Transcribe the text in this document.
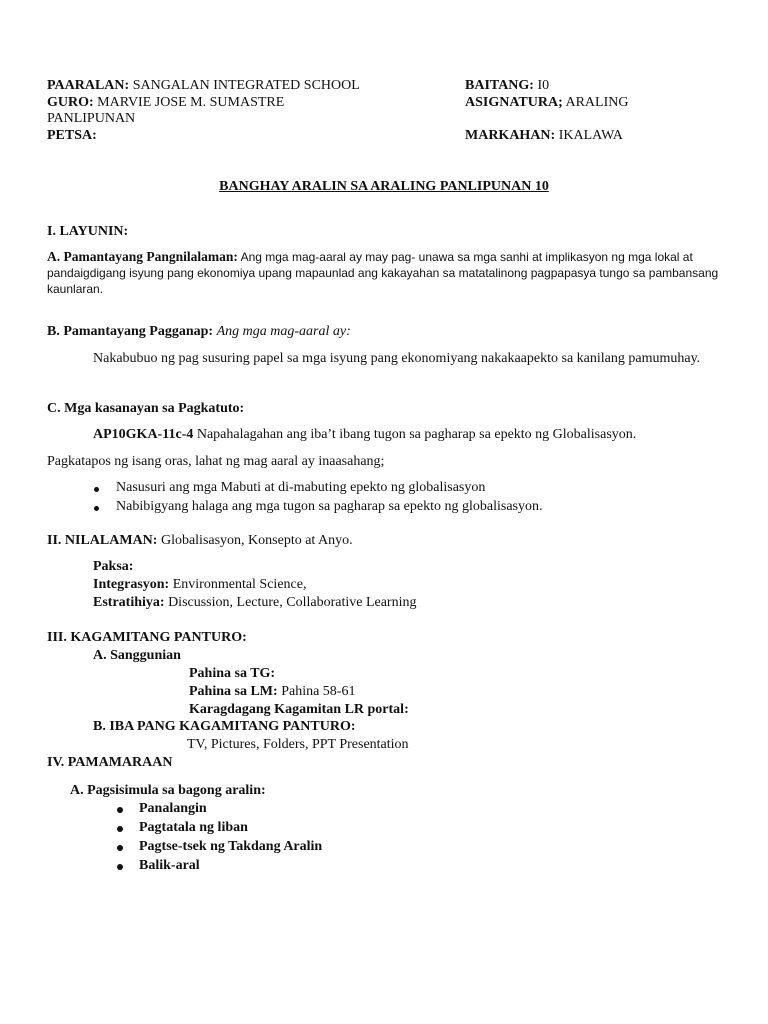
PAARALAN: SANGALAN INTEGRATED SCHOOL	BAITANG: I0
GURO: MARVIE JOSE M. SUMASTRE	ASIGNATURA; ARALING
PANLIPUNAN
PETSA:	MARKAHAN: IKALAWA
BANGHAY ARALIN SA ARALING PANLIPUNAN 10
I. LAYUNIN:
A. Pamantayang Pangnilalaman: Ang mga mag-aaral ay may pag- unawa sa mga sanhi at implikasyon ng mga lokal at pandaigdigang isyung pang ekonomiya upang mapaunlad ang kakayahan sa matatalinong pagpapasya tungo sa pambansang kaunlaran.
B. Pamantayang Pagganap: Ang mga mag-aaral ay:
Nakabubuo ng pag susuring papel sa mga isyung pang ekonomiyang nakakaapekto sa kanilang pamumuhay.
C. Mga kasanayan sa Pagkatuto:
AP10GKA-11c-4 Napahalagahan ang iba’t ibang tugon sa pagharap sa epekto ng Globalisasyon.
Pagkatapos ng isang oras, lahat ng mag aaral ay inaasahang;
Nasusuri ang mga Mabuti at di-mabuting epekto ng globalisasyon
Nabibigyang halaga ang mga tugon sa pagharap sa epekto ng globalisasyon.
II. NILALAMAN: Globalisasyon, Konsepto at Anyo.
Paksa:
Integrasyon: Environmental Science,
Estratihiya: Discussion, Lecture, Collaborative Learning
III. KAGAMITANG PANTURO:
A. Sanggunian
Pahina sa TG:
Pahina sa LM: Pahina 58-61
Karagdagang Kagamitan LR portal:
B. IBA PANG KAGAMITANG PANTURO:
TV, Pictures, Folders, PPT Presentation
IV. PAMAMARAAN
A. Pagsisimula sa bagong aralin:
Panalangin
Pagtatala ng liban
Pagtse-tsek ng Takdang Aralin
Balik-aral
